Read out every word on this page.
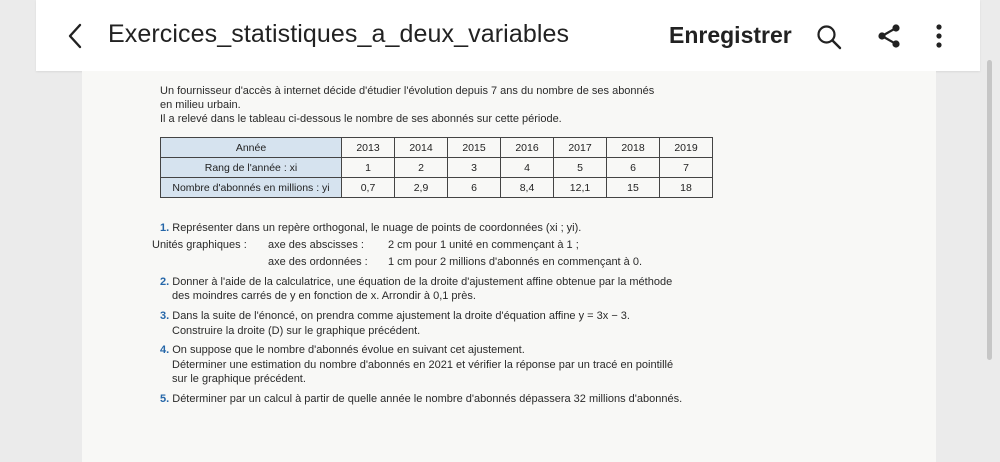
Exercices_statistiques_a_deux_variables	Enregistrer

Un fournisseur d'accès à internet décide d'étudier l'évolution depuis 7 ans du nombre de ses abonnés

en milieu urbain.

Il a relevé dans le tableau ci-dessous le nombre de ses abonnés sur cette période.

Année	2013	2014	2015	2016	2017	2018	2019
Rang de l'année : xi	1	2	3	4	5	6	7
Nombre d'abonnés en millions : yi	0,7	2,9	6	8,4	12,1	15	18
1. Représenter dans un repère orthogonal, le nuage de points de coordonnées (xi ; yi).
Unités graphiques :	axe des abscisses :	2 cm pour 1 unité en commençant à 1 ;
axe des ordonnées :	1 cm pour 2 millions d'abonnés en commençant à 0.
2. Donner à l'aide de la calculatrice, une équation de la droite d'ajustement affine obtenue par la méthode
des moindres carrés de y en fonction de x. Arrondir à 0,1 près.
3. Dans la suite de l'énoncé, on prendra comme ajustement la droite d'équation affine y = 3x − 3.
Construire la droite (D) sur le graphique précédent.
4. On suppose que le nombre d'abonnés évolue en suivant cet ajustement.
Déterminer une estimation du nombre d'abonnés en 2021 et vérifier la réponse par un tracé en pointillé
sur le graphique précédent.
5. Déterminer par un calcul à partir de quelle année le nombre d'abonnés dépassera 32 millions d'abonnés.
